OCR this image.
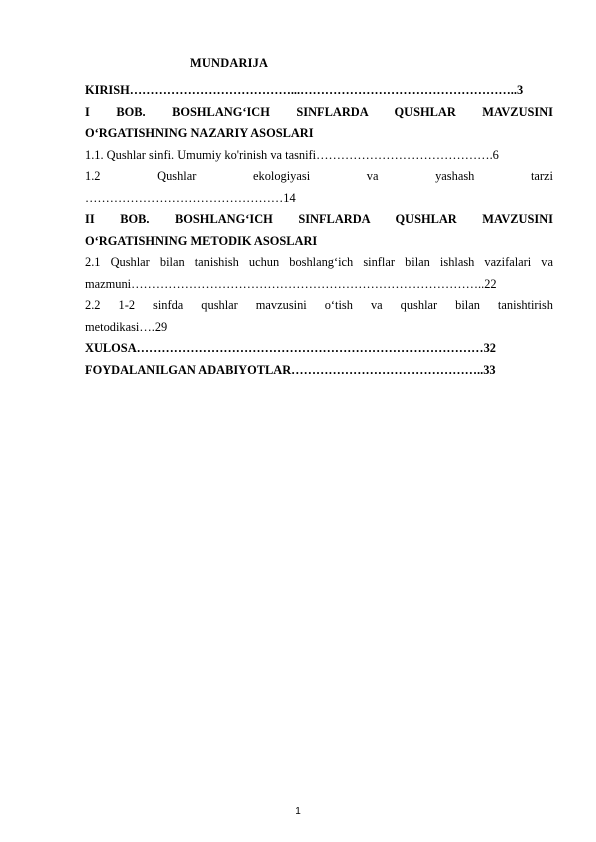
MUNDARIJA
KIRISH…………………………………...……………………………………………..3
I BOB. BOSHLANG‘ICH SINFLARDA QUSHLAR MAVZUSINI
O‘RGATISHNING NAZARIY ASOSLARI
1.1. Qushlar sinfi. Umumiy ko'rinish va tasnifi…………………………………….6
1.2 Qushlar ekologiyasi va yashash tarzi
…………………………………………14
II BOB. BOSHLANG‘ICH SINFLARDA QUSHLAR MAVZUSINI
O‘RGATISHNING METODIK ASOSLARI
2.1 Qushlar bilan tanishish uchun boshlang‘ich sinflar bilan ishlash vazifalari va
mazmuni…………………………………………………………………………..22
2.2 1-2 sinfda qushlar mavzusini o‘tish va qushlar bilan tanishtirish
metodikasi….29
XULOSA…………………………………………………………………………32
FOYDALANILGAN ADABIYOTLAR………………………………………..33
1
